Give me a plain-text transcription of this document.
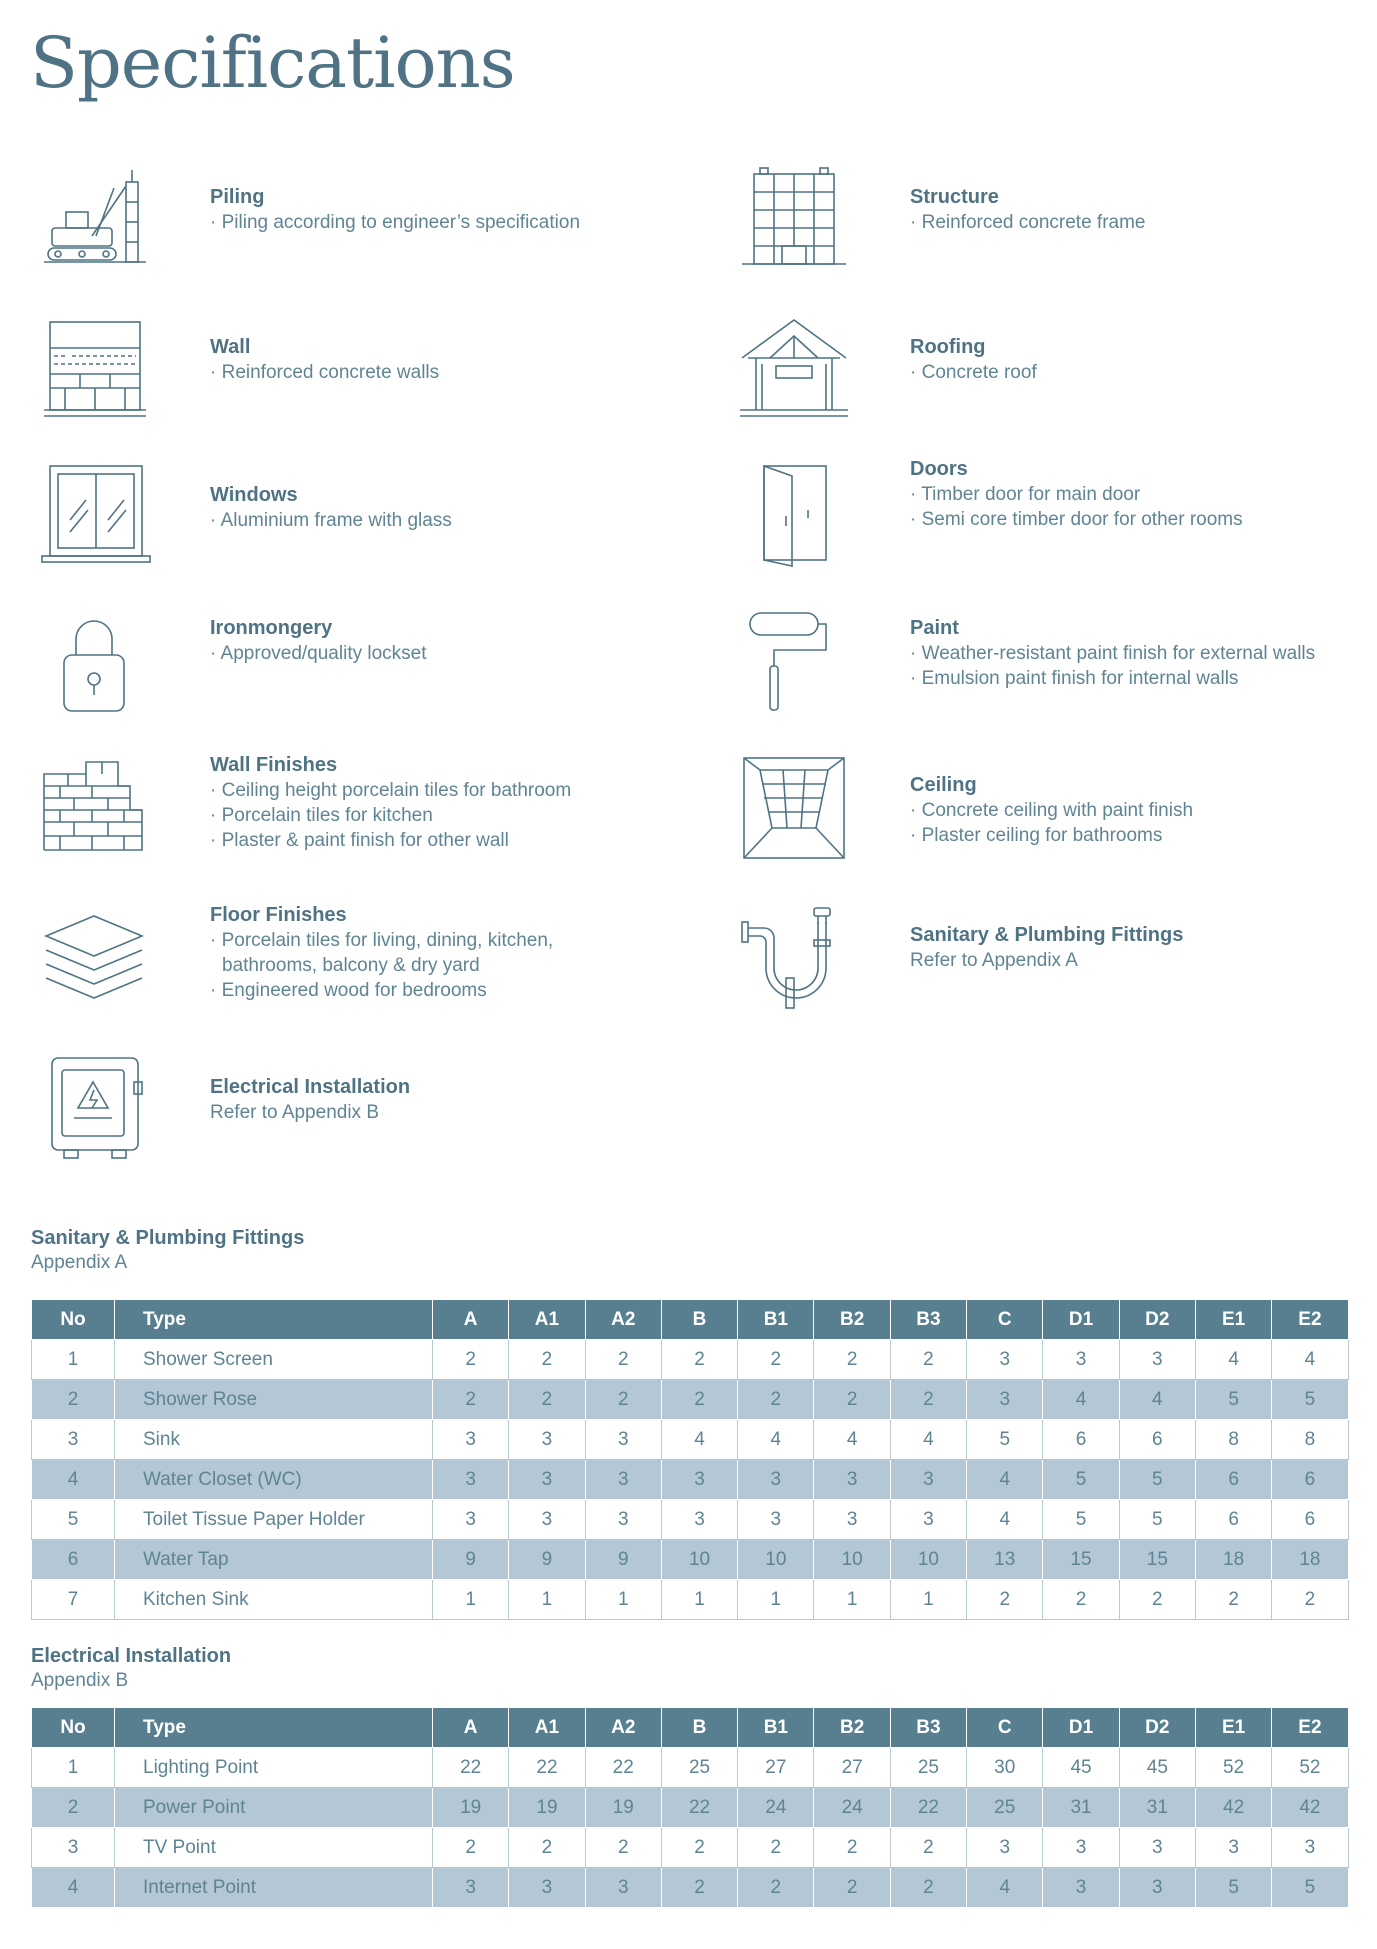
Specifications
Piling
· Piling according to engineer’s specification
Structure
· Reinforced concrete frame
Wall
· Reinforced concrete walls
Roofing
· Concrete roof
Windows
· Aluminium frame with glass
Doors
· Timber door for main door
· Semi core timber door for other rooms
Ironmongery
· Approved/quality lockset
Paint
· Weather-resistant paint finish for external walls
· Emulsion paint finish for internal walls
Wall Finishes
· Ceiling height porcelain tiles for bathroom
· Porcelain tiles for kitchen
· Plaster & paint finish for other wall
Ceiling
· Concrete ceiling with paint finish
· Plaster ceiling for bathrooms
Floor Finishes
· Porcelain tiles for living, dining, kitchen,
bathrooms, balcony & dry yard
· Engineered wood for bedrooms
Sanitary & Plumbing Fittings
Refer to Appendix A
Electrical Installation
Refer to Appendix B
Sanitary & Plumbing Fittings
Appendix A
No	Type	A	A1	A2	B	B1	B2	B3	C	D1	D2	E1	E2
1	Shower Screen	2	2	2	2	2	2	2	3	3	3	4	4
2	Shower Rose	2	2	2	2	2	2	2	3	4	4	5	5
3	Sink	3	3	3	4	4	4	4	5	6	6	8	8
4	Water Closet (WC)	3	3	3	3	3	3	3	4	5	5	6	6
5	Toilet Tissue Paper Holder	3	3	3	3	3	3	3	4	5	5	6	6
6	Water Tap	9	9	9	10	10	10	10	13	15	15	18	18
7	Kitchen Sink	1	1	1	1	1	1	1	2	2	2	2	2
Electrical Installation
Appendix B
No	Type	A	A1	A2	B	B1	B2	B3	C	D1	D2	E1	E2
1	Lighting Point	22	22	22	25	27	27	25	30	45	45	52	52
2	Power Point	19	19	19	22	24	24	22	25	31	31	42	42
3	TV Point	2	2	2	2	2	2	2	3	3	3	3	3
4	Internet Point	3	3	3	2	2	2	2	4	3	3	5	5
